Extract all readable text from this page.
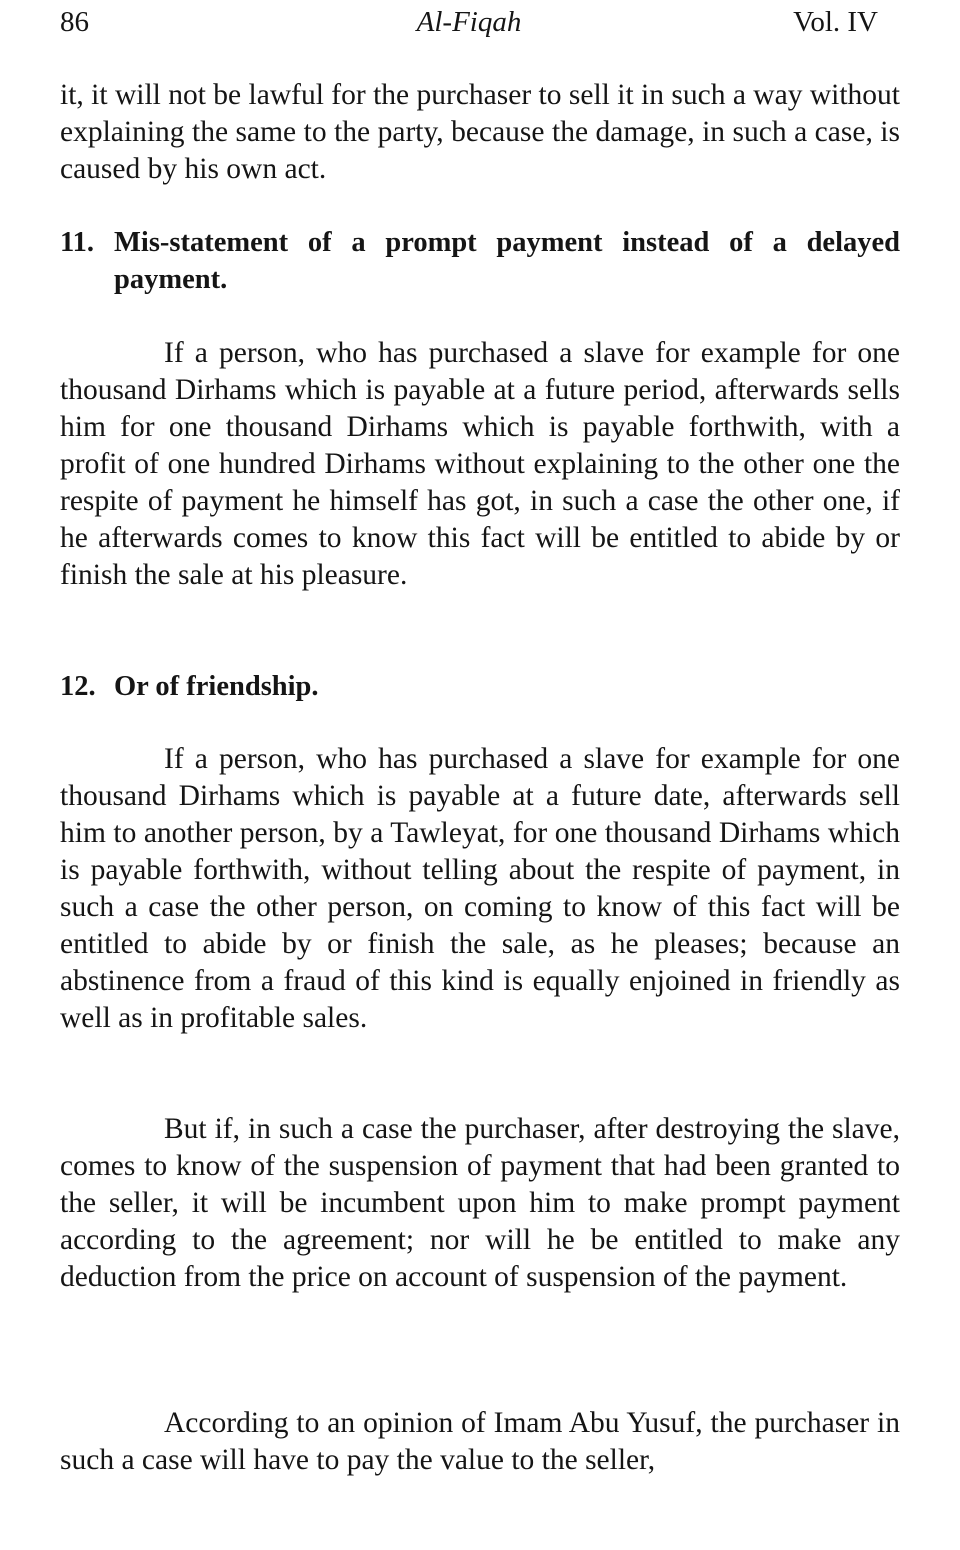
86	Al-Fiqah	Vol. IV

it, it will not be lawful for the purchaser to sell it in such a way without explaining the same to the party, because the damage, in such a case, is caused by his own act.

11. Mis-statement of a prompt payment instead of a delayed payment.

If a person, who has purchased a slave for example for one thousand Dirhams which is payable at a future period, afterwards sells him for one thousand Dirhams which is payable forthwith, with a profit of one hundred Dirhams without explaining to the other one the respite of payment he himself has got, in such a case the other one, if he afterwards comes to know this fact will be entitled to abide by or finish the sale at his pleasure.

12. Or of friendship.

If a person, who has purchased a slave for example for one thousand Dirhams which is payable at a future date, afterwards sell him to another person, by a Tawleyat, for one thousand Dirhams which is payable forthwith, without telling about the respite of payment, in such a case the other person, on coming to know of this fact will be entitled to abide by or finish the sale, as he pleases; because an abstinence from a fraud of this kind is equally enjoined in friendly as well as in profitable sales.

But if, in such a case the purchaser, after destroying the slave, comes to know of the suspension of payment that had been granted to the seller, it will be incumbent upon him to make prompt payment according to the agreement; nor will he be entitled to make any deduction from the price on account of suspension of the payment.

According to an opinion of Imam Abu Yusuf, the purchaser in such a case will have to pay the value to the seller,
